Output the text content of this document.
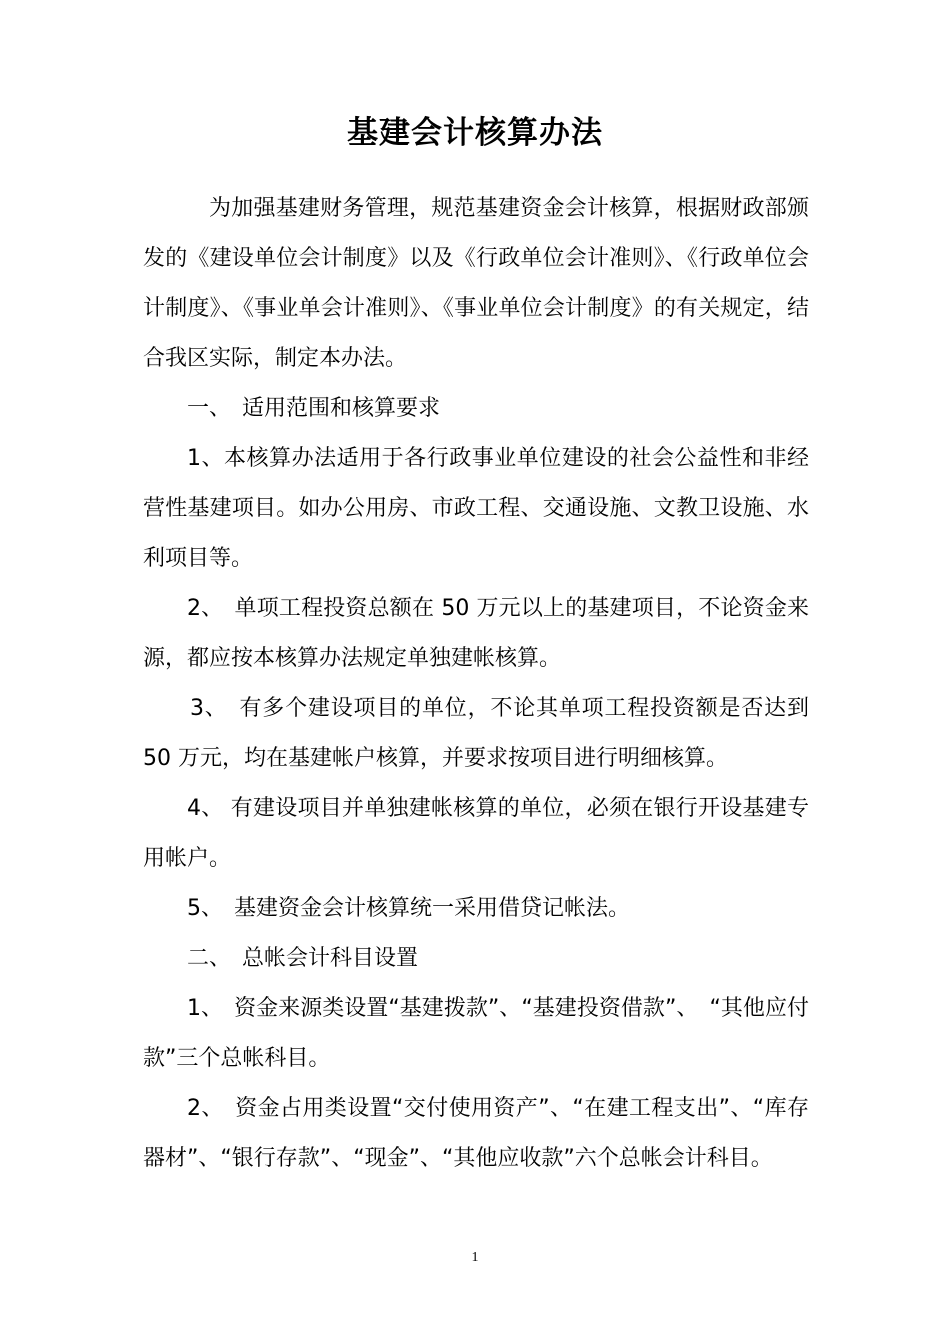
基建会计核算办法

为加强基建财务管理，规范基建资金会计核算，根据财政部颁发的《建设单位会计制度》以及《行政单位会计准则》、《行政单位会计制度》、《事业单会计准则》、《事业单位会计制度》的有关规定，结合我区实际，制定本办法。

一、　适用范围和核算要求

1、本核算办法适用于各行政事业单位建设的社会公益性和非经营性基建项目。如办公用房、市政工程、交通设施、文教卫设施、水利项目等。

2、　单项工程投资总额在 50 万元以上的基建项目，不论资金来源，都应按本核算办法规定单独建帐核算。

3、　有多个建设项目的单位，不论其单项工程投资额是否达到 50 万元，均在基建帐户核算，并要求按项目进行明细核算。

4、 有建设项目并单独建帐核算的单位，必须在银行开设基建专用帐户。

5、　基建资金会计核算统一采用借贷记帐法。

二、　总帐会计科目设置

1、　资金来源类设置“基建拨款”、“基建投资借款”、　“其他应付款”三个总帐科目。

2、　资金占用类设置“交付使用资产”、“在建工程支出”、“库存器材”、“银行存款”、“现金”、“其他应收款”六个总帐会计科目。

1
